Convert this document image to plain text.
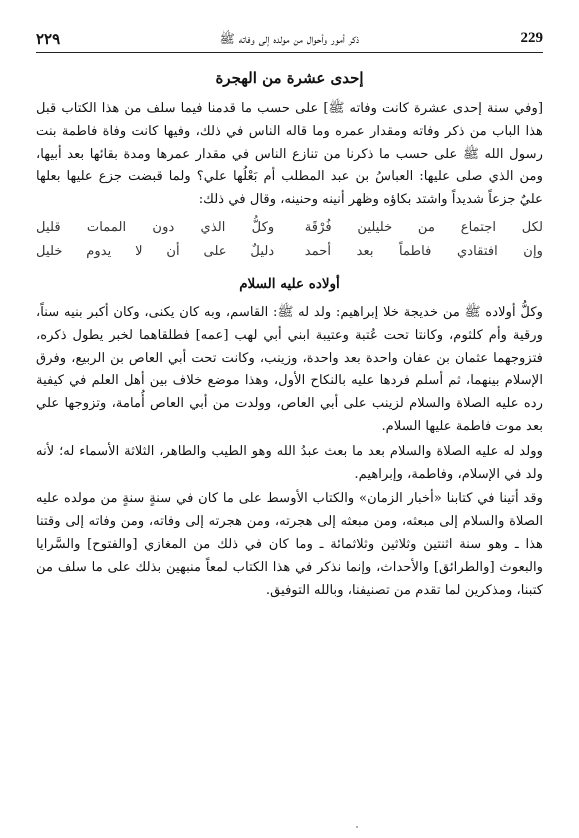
٢٢٩	ذكر أمور وأحوال من مولده إلى وفاته ﷺ	229
إحدى عشرة من الهجرة

[وفي سنة إحدى عشرة كانت وفاته ﷺ] على حسب ما قدمنا فيما سلف من هذا الكتاب قبل هذا الباب من ذكر وفاته ومقدار عمره وما قاله الناس في ذلك، وفيها كانت وفاة فاطمة بنت رسول الله ﷺ على حسب ما ذكرنا من تنازع الناس في مقدار عمرها ومدة بقائها بعد أبيها، ومن الذي صلى عليها: العباسُ بن عبد المطلب أم بَعْلُها علي؟ ولما قبضت جزع عليها بعلها عليٌ جزعاً شديداً واشتد بكاؤه وظهر أنينه وحنينه، وقال في ذلك:

لكل اجتماع من خليلين فُرْقَة
وكلُّ الذي دون الممات قليل
وإن افتقادي فاطماً بعد أحمد
دليلٌ على أن لا يدوم خليل
أولاده عليه السلام

وكلُّ أولاده ﷺ من خديجة خلا إبراهيم: ولد له ﷺ: القاسم، وبه كان يكنى، وكان أكبر بنيه سناً، ورقية وأم كلثوم، وكانتا تحت عُتبة وعتيبة ابني أبي لهب [عمه] فطلقاهما لخبر يطول ذكره، فتزوجهما عثمان بن عفان واحدة بعد واحدة، وزينب، وكانت تحت أبي العاص بن الربيع، وفرق الإسلام بينهما، ثم أسلم فردها عليه بالنكاح الأول، وهذا موضع خلاف بين أهل العلم في كيفية رده عليه الصلاة والسلام لزينب على أبي العاص، وولدت من أبي العاص أُمامة، وتزوجها علي بعد موت فاطمة عليها السلام.

وولد له عليه الصلاة والسلام بعد ما بعث عبدُ الله وهو الطيب والطاهر، الثلاثة الأسماء له؛ لأنه ولد في الإسلام، وفاطمة، وإبراهيم.

وقد أتينا في كتابنا «أخبار الزمان» والكتاب الأوسط على ما كان في سنةٍ سنةٍ من مولده عليه الصلاة والسلام إلى مبعثه، ومن مبعثه إلى هجرته، ومن هجرته إلى وفاته، ومن وفاته إلى وقتنا هذا ـ وهو سنة اثنتين وثلاثين وثلاثمائة ـ وما كان في ذلك من المغازي [والفتوح] والسَّرايا والبعوث [والطرائق] والأحداث، وإنما نذكر في هذا الكتاب لمعاً منبهين بذلك على ما سلف من كتبنا، ومذكرين لما تقدم من تصنيفنا، وبالله التوفيق.
